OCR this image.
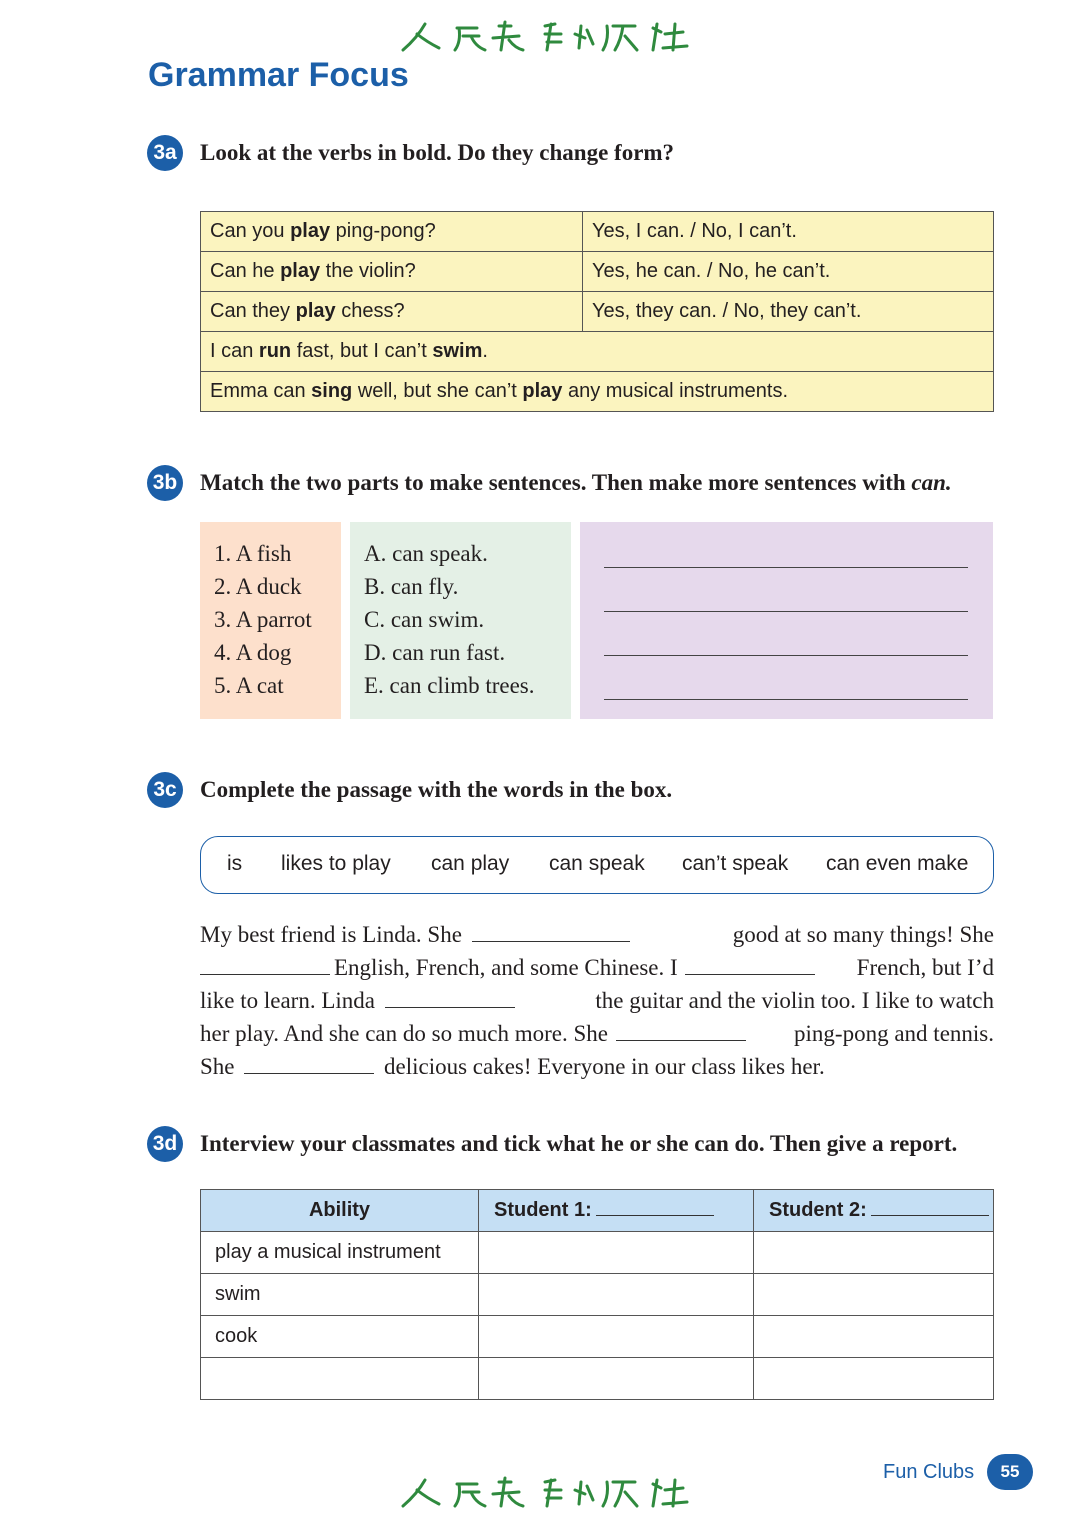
Grammar Focus
3a Look at the verbs in bold. Do they change form?
Can you play ping-pong?	Yes, I can. / No, I can’t.
Can he play the violin?	Yes, he can. / No, he can’t.
Can they play chess?	Yes, they can. / No, they can’t.
I can run fast, but I can’t swim.	
Emma can sing well, but she can’t play any musical instruments.	
3b Match the two parts to make sentences. Then make more sentences with can.
1. A fish
2. A duck
3. A parrot
4. A dog
5. A cat
A. can speak.
B. can fly.
C. can swim.
D. can run fast.
E. can climb trees.
3c Complete the passage with the words in the box.
is likes to play can play can speak can’t speak can even make
My best friend is Linda. She	good at so many things! She
English, French, and some Chinese. I	French, but I’d
like to learn. Linda	the guitar and the violin too. I like to watch
her play. And she can do so much more. She	ping-pong and tennis.
She	delicious cakes! Everyone in our class likes her.
3d Interview your classmates and tick what he or she can do. Then give a report.
Ability	Student 1:	Student 2:
play a musical instrument		
swim		
cook		

Fun Clubs	55
